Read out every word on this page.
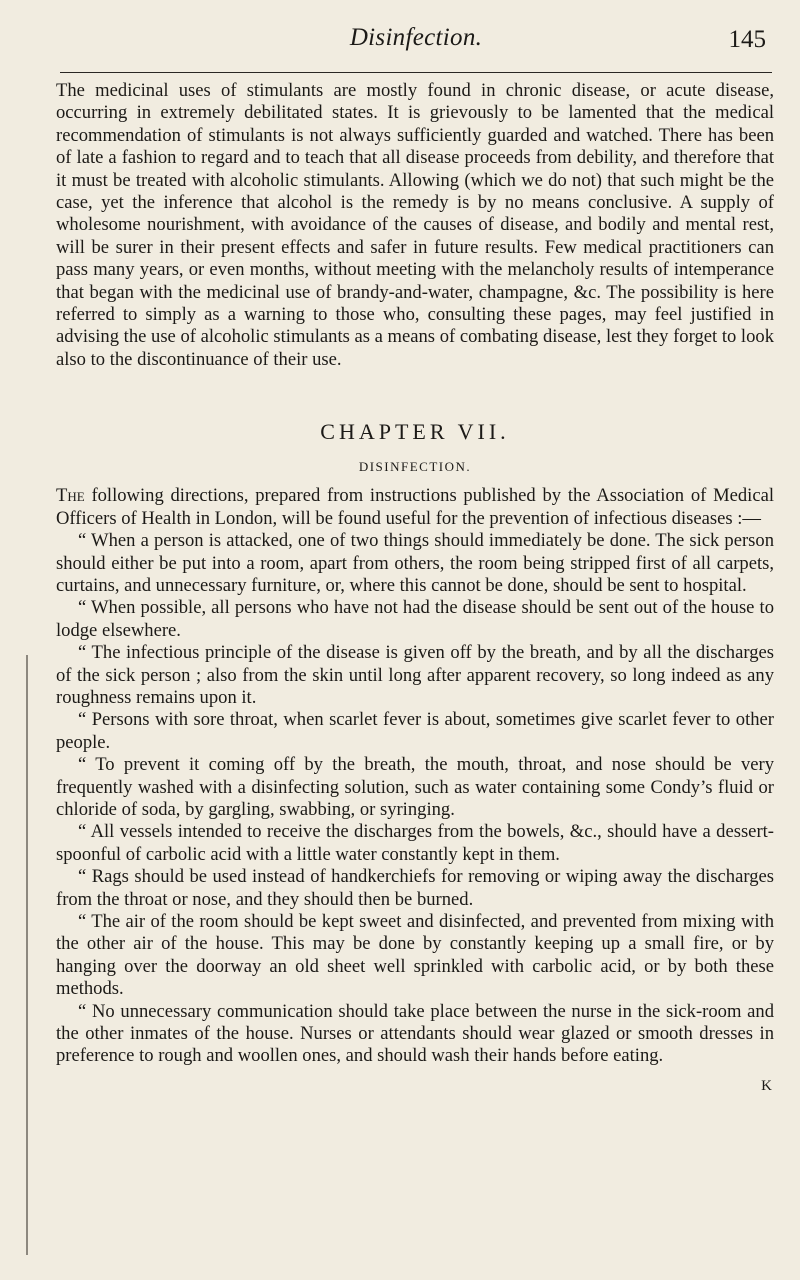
Disinfection.	145

The medicinal uses of stimulants are mostly found in chronic disease, or acute disease, occurring in extremely debilitated states. It is grievously to be lamented that the medical recommendation of stimulants is not always sufficiently guarded and watched. There has been of late a fashion to regard and to teach that all disease proceeds from debility, and therefore that it must be treated with alcoholic stimulants. Allowing (which we do not) that such might be the case, yet the inference that alcohol is the remedy is by no means conclusive. A supply of wholesome nourishment, with avoidance of the causes of disease, and bodily and mental rest, will be surer in their present effects and safer in future results. Few medical practitioners can pass many years, or even months, without meeting with the melancholy results of intemperance that began with the medicinal use of brandy-and-water, champagne, &c. The possibility is here referred to simply as a warning to those who, consulting these pages, may feel justified in advising the use of alcoholic stimulants as a means of combating disease, lest they forget to look also to the discontinuance of their use.

CHAPTER VII.
DISINFECTION.

The following directions, prepared from instructions published by the Association of Medical Officers of Health in London, will be found useful for the prevention of infectious diseases :—

“ When a person is attacked, one of two things should immediately be done. The sick person should either be put into a room, apart from others, the room being stripped first of all carpets, curtains, and unnecessary furniture, or, where this cannot be done, should be sent to hospital.

“ When possible, all persons who have not had the disease should be sent out of the house to lodge elsewhere.

“ The infectious principle of the disease is given off by the breath, and by all the discharges of the sick person ; also from the skin until long after apparent recovery, so long indeed as any roughness remains upon it.

“ Persons with sore throat, when scarlet fever is about, sometimes give scarlet fever to other people.

“ To prevent it coming off by the breath, the mouth, throat, and nose should be very frequently washed with a disinfecting solution, such as water containing some Condy’s fluid or chloride of soda, by gargling, swabbing, or syringing.

“ All vessels intended to receive the discharges from the bowels, &c., should have a dessert-spoonful of carbolic acid with a little water constantly kept in them.

“ Rags should be used instead of handkerchiefs for removing or wiping away the discharges from the throat or nose, and they should then be burned.

“ The air of the room should be kept sweet and disinfected, and prevented from mixing with the other air of the house. This may be done by constantly keeping up a small fire, or by hanging over the doorway an old sheet well sprinkled with carbolic acid, or by both these methods.

“ No unnecessary communication should take place between the nurse in the sick-room and the other inmates of the house. Nurses or attendants should wear glazed or smooth dresses in preference to rough and woollen ones, and should wash their hands before eating.

K
